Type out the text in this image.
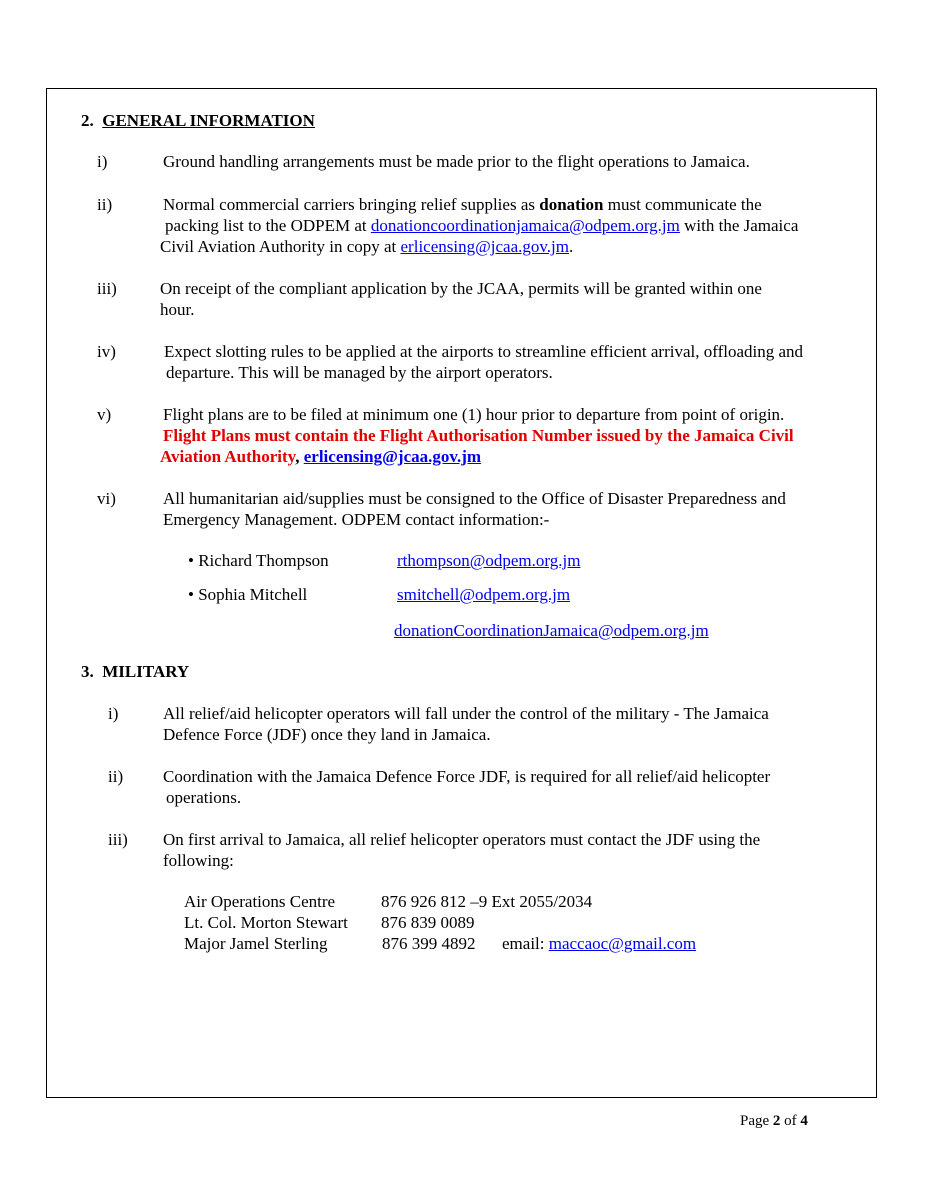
2. GENERAL INFORMATION
i)	Ground handling arrangements must be made prior to the flight operations to Jamaica.
ii)	Normal commercial carriers bringing relief supplies as donation must communicate the
packing list to the ODPEM at donationcoordinationjamaica@odpem.org.jm with the Jamaica
Civil Aviation Authority in copy at erlicensing@jcaa.gov.jm.
iii)	On receipt of the compliant application by the JCAA, permits will be granted within one
hour.
iv)	Expect slotting rules to be applied at the airports to streamline efficient arrival, offloading and
departure. This will be managed by the airport operators.
v)	Flight plans are to be filed at minimum one (1) hour prior to departure from point of origin.
Flight Plans must contain the Flight Authorisation Number issued by the Jamaica Civil
Aviation Authority, erlicensing@jcaa.gov.jm
vi)	All humanitarian aid/supplies must be consigned to the Office of Disaster Preparedness and
Emergency Management. ODPEM contact information:-
• Richard Thompson	rthompson@odpem.org.jm
• Sophia Mitchell	smitchell@odpem.org.jm
donationCoordinationJamaica@odpem.org.jm
3. MILITARY
i)	All relief/aid helicopter operators will fall under the control of the military - The Jamaica
Defence Force (JDF) once they land in Jamaica.
ii) Coordination with the Jamaica Defence Force JDF, is required for all relief/aid helicopter
operations.
iii) On first arrival to Jamaica, all relief helicopter operators must contact the JDF using the
following:
Air Operations Centre	876 926 812 –9 Ext 2055/2034
Lt. Col. Morton Stewart 876 839 0089
Major Jamel Sterling	876 399 4892 email: maccaoc@gmail.com
Page 2 of 4
